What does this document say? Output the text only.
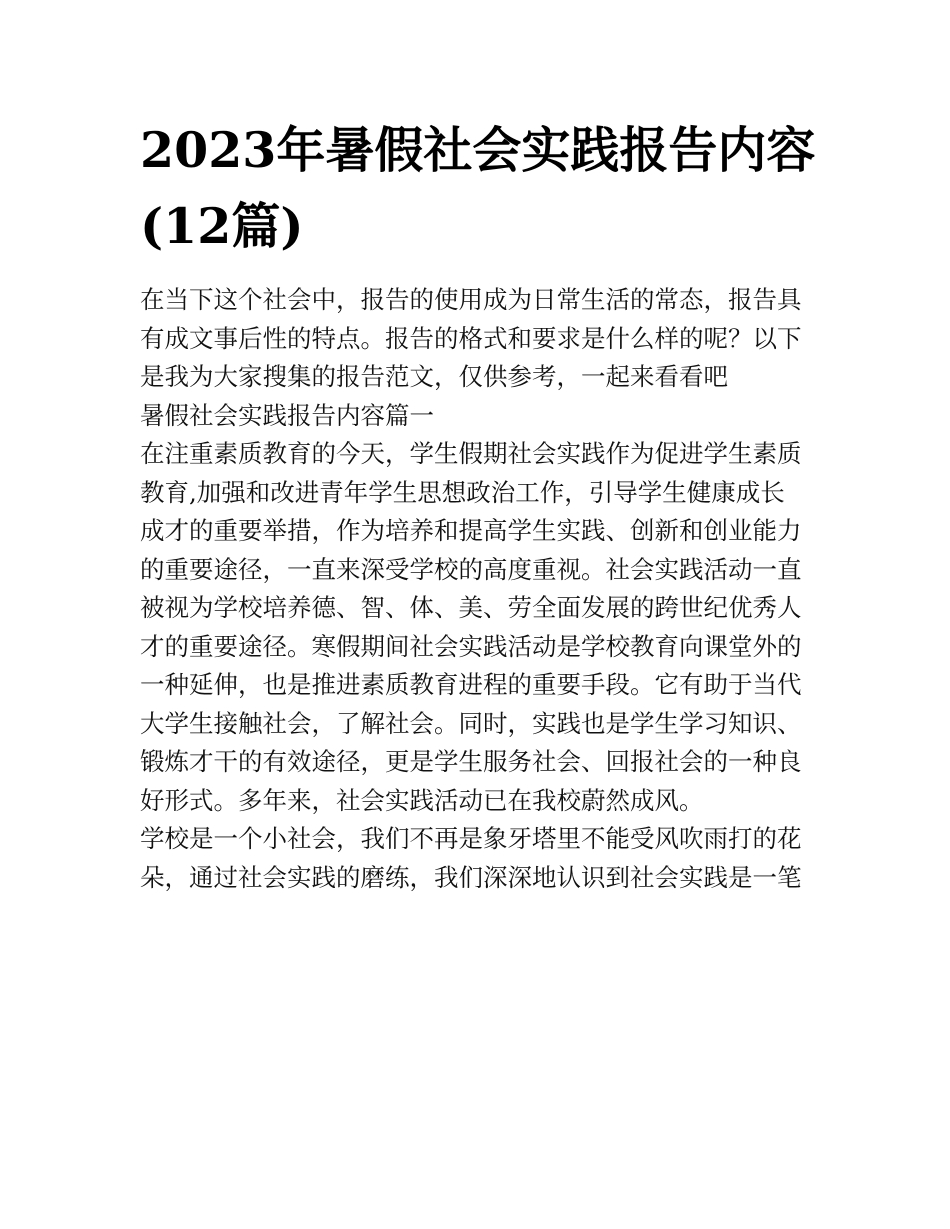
2023年暑假社会实践报告内容
(12篇)
在当下这个社会中，报告的使用成为日常生活的常态，报告具
有成文事后性的特点。报告的格式和要求是什么样的呢？以下
是我为大家搜集的报告范文，仅供参考，一起来看看吧
暑假社会实践报告内容篇一
在注重素质教育的今天，学生假期社会实践作为促进学生素质
教育,加强和改进青年学生思想政治工作，引导学生健康成长
成才的重要举措，作为培养和提高学生实践、创新和创业能力
的重要途径，一直来深受学校的高度重视。社会实践活动一直
被视为学校培养德、智、体、美、劳全面发展的跨世纪优秀人
才的重要途径。寒假期间社会实践活动是学校教育向课堂外的
一种延伸，也是推进素质教育进程的重要手段。它有助于当代
大学生接触社会，了解社会。同时，实践也是学生学习知识、
锻炼才干的有效途径，更是学生服务社会、回报社会的一种良
好形式。多年来，社会实践活动已在我校蔚然成风。
学校是一个小社会，我们不再是象牙塔里不能受风吹雨打的花
朵，通过社会实践的磨练，我们深深地认识到社会实践是一笔
